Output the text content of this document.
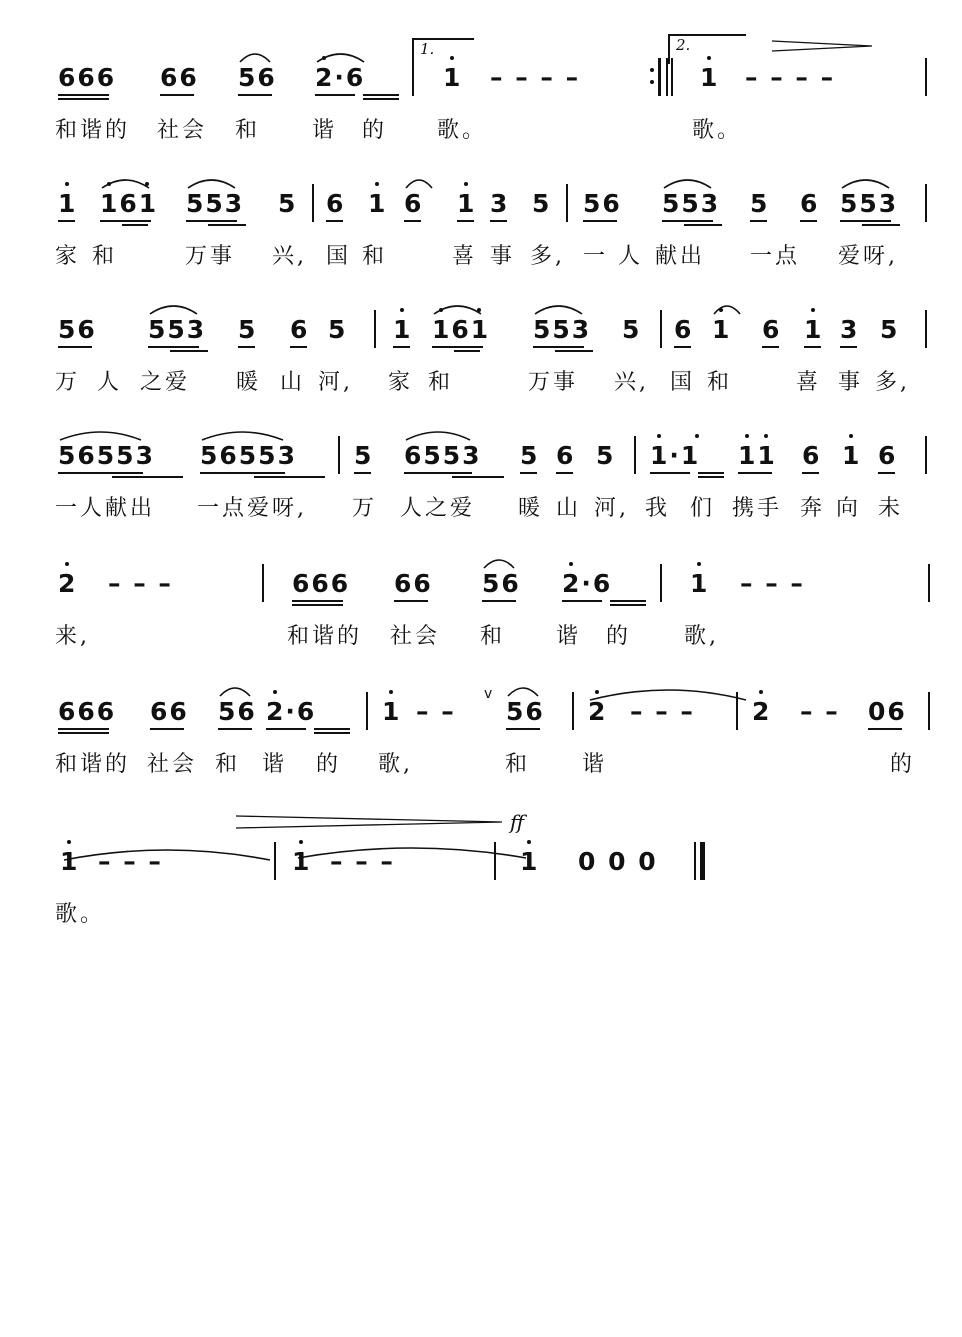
666 66 56 2·6	1 – – – –	1 – – – –
和谐的 社会 和 谐 的 歌。	歌。
1 161 553 5 6 1 6 1 3 5 56 553 5 6 553
家 和	万事 兴, 国 和	喜 事 多, 一 人 献出 一点 爱呀,
56 553 5 6 5 1 161 553 5 6 1 6 1 3 5
万 人 之爱 暖 山 河, 家 和	万事 兴, 国 和	喜 事 多,
56553 56553 5 6553 5 6 5 1·1 11 6 1 6
一人献出 一点爱呀, 万 人之爱 暖 山 河, 我 们 携手 奔 向 未
2 – – –	666 66 56 2·6	1 – – –
来,	和谐的 社会 和 谐 的 歌,
666 66 56 2·6	1 – – 56 2 – – – 2 – – 06
和谐的 社会 和 谐 的 歌,	和 谐	的
1 – – –	1 – – –	1 0 0 0
歌。
1.	2.
ff
v
